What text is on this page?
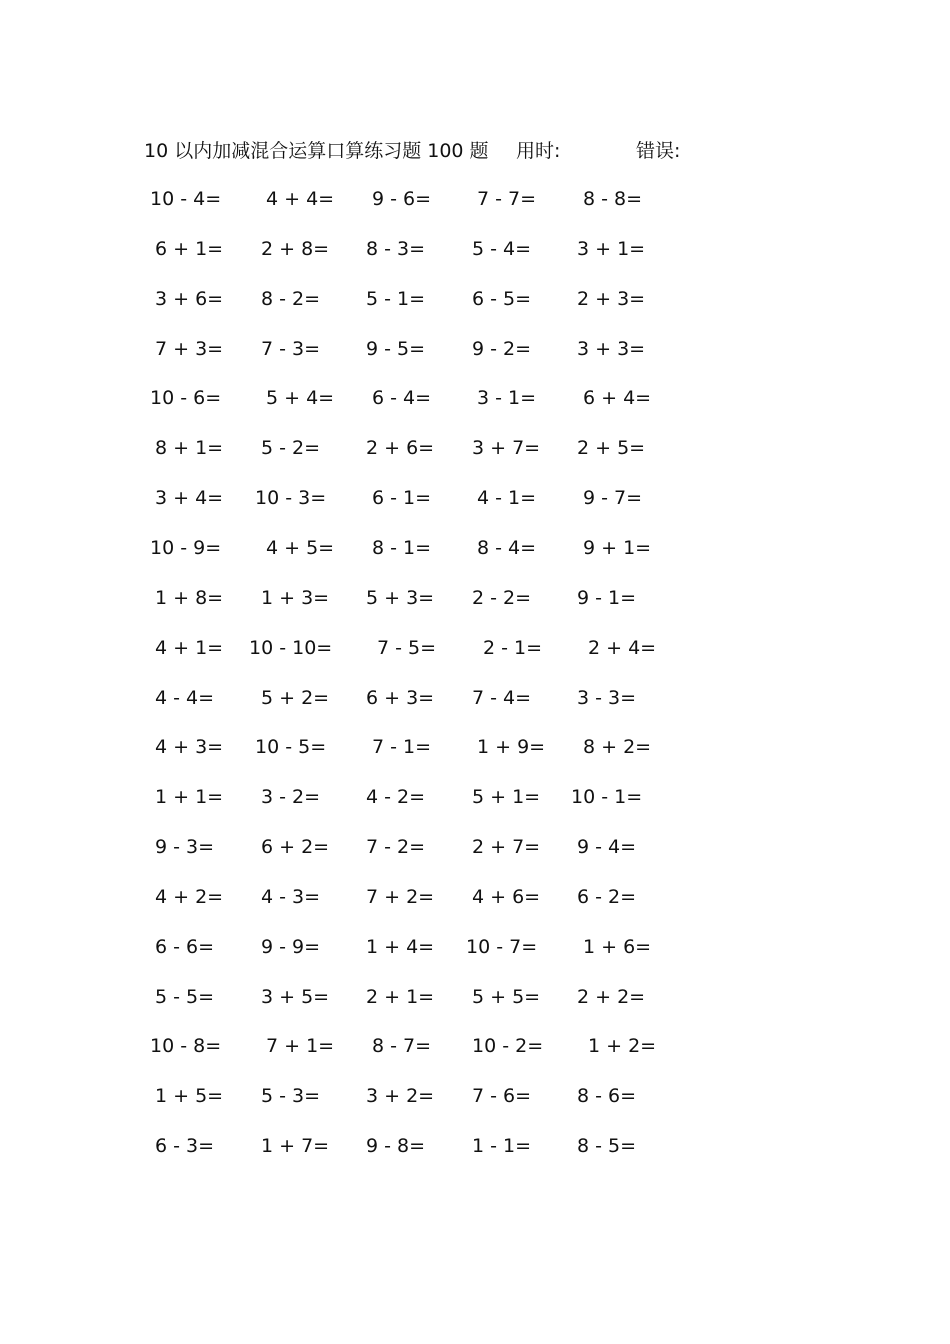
10 以内加减混合运算口算练习题 100 题 用时:	错误:
10 - 4= 4 + 4= 9 - 6= 7 - 7= 8 - 8=
6 + 1= 2 + 8= 8 - 3= 5 - 4= 3 + 1=
3 + 6= 8 - 2= 5 - 1= 6 - 5= 2 + 3=
7 + 3= 7 - 3= 9 - 5= 9 - 2= 3 + 3=
10 - 6= 5 + 4= 6 - 4= 3 - 1= 6 + 4=
8 + 1= 5 - 2= 2 + 6= 3 + 7= 2 + 5=
3 + 4= 10 - 3= 6 - 1= 4 - 1= 9 - 7=
10 - 9= 4 + 5= 8 - 1= 8 - 4= 9 + 1=
1 + 8= 1 + 3= 5 + 3= 2 - 2= 9 - 1=
4 + 1= 10 - 10= 7 - 5= 2 - 1= 2 + 4=
4 - 4= 5 + 2= 6 + 3= 7 - 4= 3 - 3=
4 + 3= 10 - 5= 7 - 1= 1 + 9= 8 + 2=
1 + 1= 3 - 2= 4 - 2= 5 + 1= 10 - 1=
9 - 3= 6 + 2= 7 - 2= 2 + 7= 9 - 4=
4 + 2= 4 - 3= 7 + 2= 4 + 6= 6 - 2=
6 - 6= 9 - 9= 1 + 4= 10 - 7= 1 + 6=
5 - 5= 3 + 5= 2 + 1= 5 + 5= 2 + 2=
10 - 8= 7 + 1= 8 - 7= 10 - 2= 1 + 2=
1 + 5= 5 - 3= 3 + 2= 7 - 6= 8 - 6=
6 - 3= 1 + 7= 9 - 8= 1 - 1= 8 - 5=
